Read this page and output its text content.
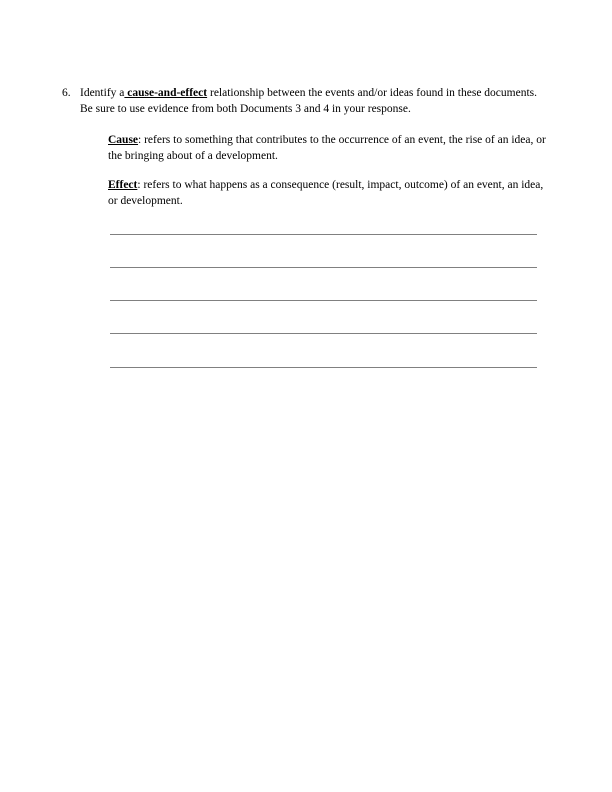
6. Identify a cause-and-effect relationship between the events and/or ideas found in these documents. Be sure to use evidence from both Documents 3 and 4 in your response.
Cause: refers to something that contributes to the occurrence of an event, the rise of an idea, or the bringing about of a development.
Effect: refers to what happens as a consequence (result, impact, outcome) of an event, an idea, or development.
